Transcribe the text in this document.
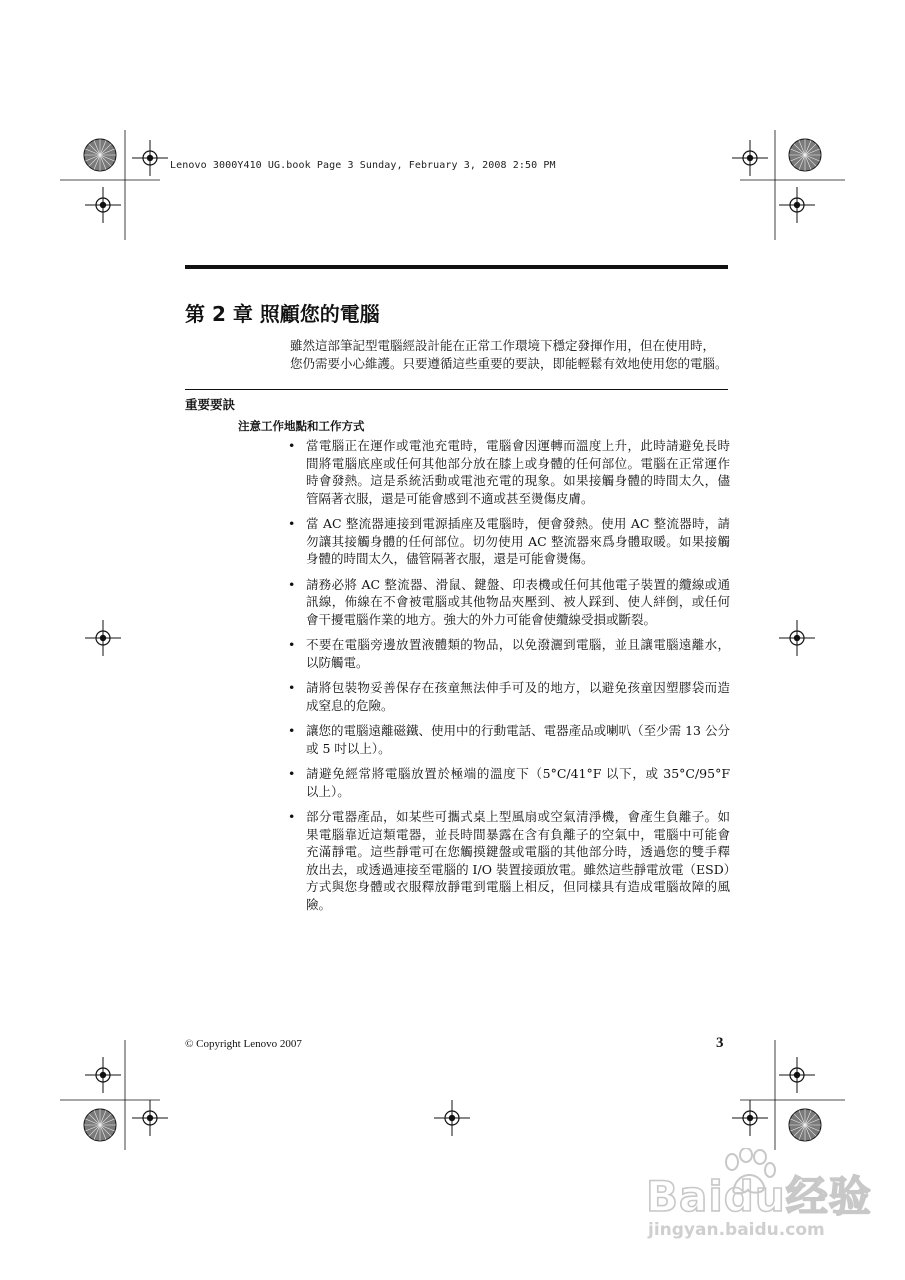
Lenovo 3000Y410 UG.book Page 3 Sunday, February 3, 2008 2:50 PM
第 2 章 照顧您的電腦

雖然這部筆記型電腦經設計能在正常工作環境下穩定發揮作用，但在使用時，

您仍需要小心維護。只要遵循這些重要的要訣，即能輕鬆有效地使用您的電腦。

重要要訣
注意工作地點和工作方式
• 當電腦正在運作或電池充電時，電腦會因運轉而溫度上升，此時請避免長時間將電腦底座或任何其他部分放在膝上或身體的任何部位。電腦在正常運作時會發熱。這是系統活動或電池充電的現象。如果接觸身體的時間太久，儘管隔著衣服，還是可能會感到不適或甚至燙傷皮膚。
• 當 AC 整流器連接到電源插座及電腦時，便會發熱。使用 AC 整流器時，請勿讓其接觸身體的任何部位。切勿使用 AC 整流器來爲身體取暖。如果接觸身體的時間太久，儘管隔著衣服，還是可能會燙傷。
• 請務必將 AC 整流器、滑鼠、鍵盤、印表機或任何其他電子裝置的纜線或通訊線，佈線在不會被電腦或其他物品夾壓到、被人踩到、使人絆倒，或任何會干擾電腦作業的地方。強大的外力可能會使纜線受損或斷裂。
• 不要在電腦旁邊放置液體類的物品，以免潑灑到電腦，並且讓電腦遠離水，以防觸電。
• 請將包裝物妥善保存在孩童無法伸手可及的地方，以避免孩童因塑膠袋而造成窒息的危險。
• 讓您的電腦遠離磁鐵、使用中的行動電話、電器產品或喇叭（至少需 13 公分或 5 吋以上）。
• 請避免經常將電腦放置於極端的溫度下（5°C/41°F 以下，或 35°C/95°F 以上）。
• 部分電器產品，如某些可攜式桌上型風扇或空氣清淨機，會產生負離子。如果電腦靠近這類電器，並長時間暴露在含有負離子的空氣中，電腦中可能會充滿靜電。這些靜電可在您觸摸鍵盤或電腦的其他部分時，透過您的雙手釋放出去，或透過連接至電腦的 I/O 裝置接頭放電。雖然這些靜電放電（ESD）方式與您身體或衣服釋放靜電到電腦上相反，但同樣具有造成電腦故障的風險。
© Copyright Lenovo 2007	3
Baidu经验
jingyan.baidu.com
